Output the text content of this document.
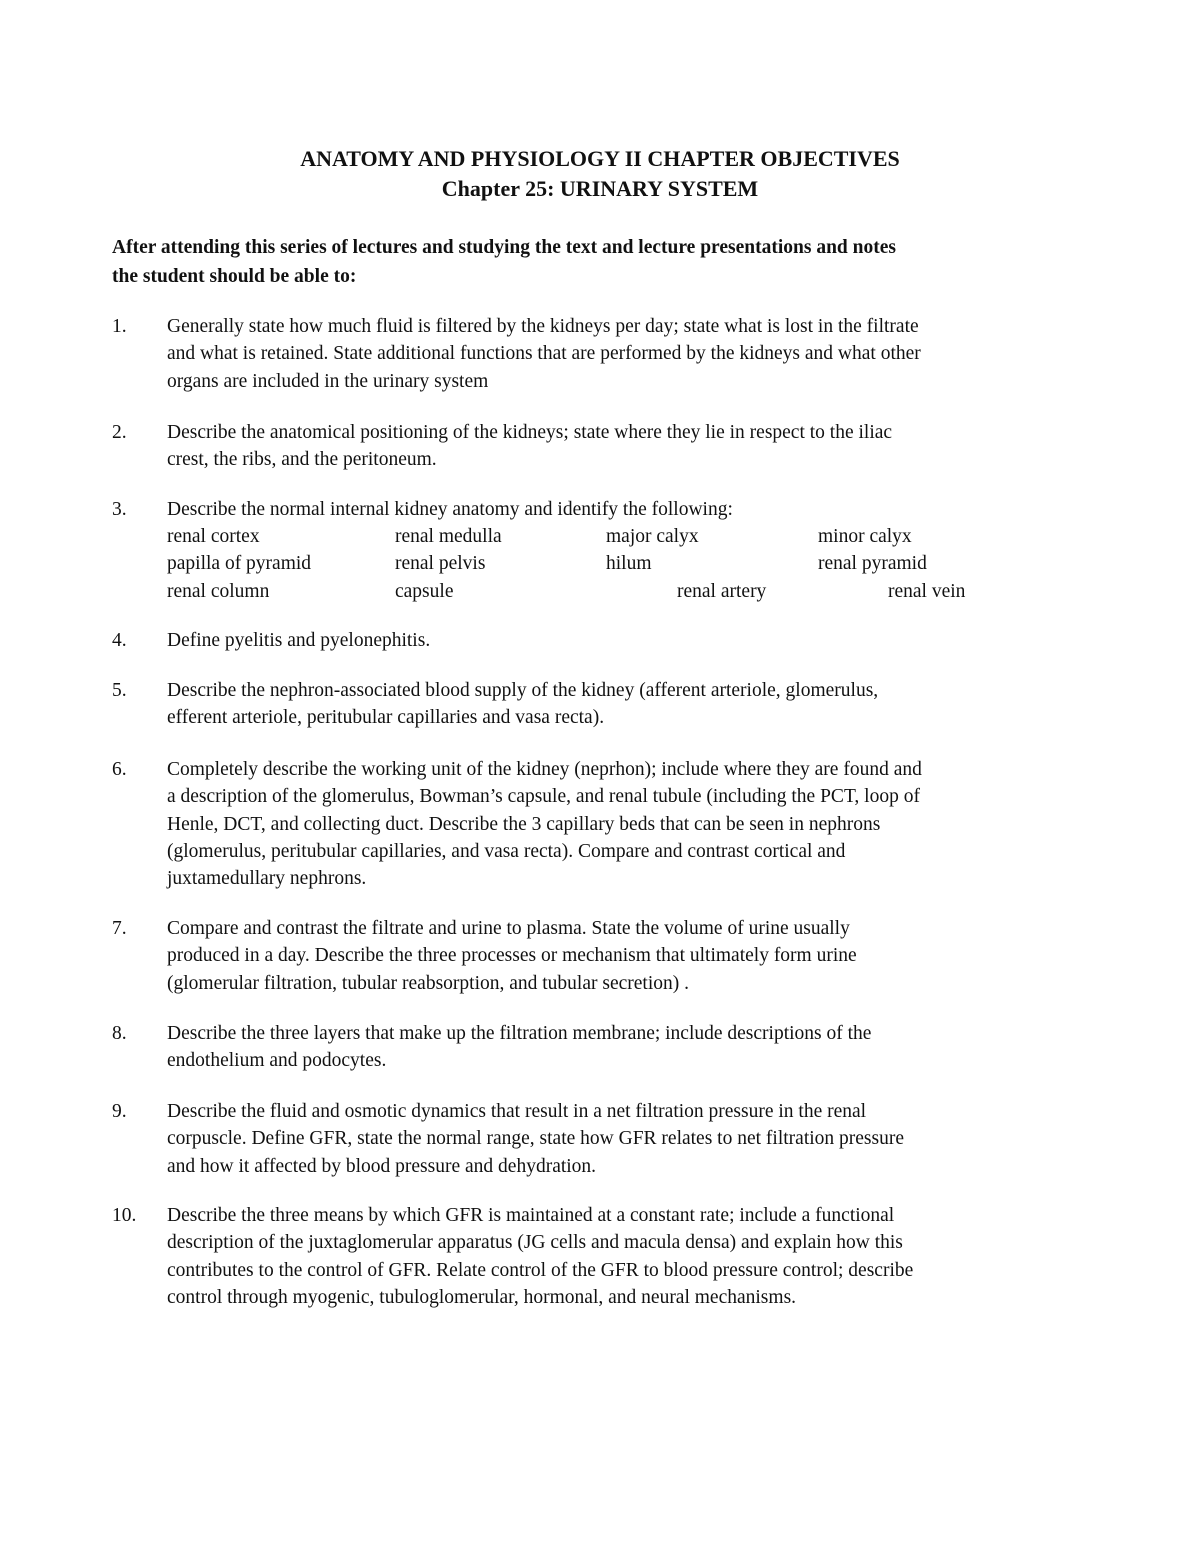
ANATOMY AND PHYSIOLOGY II CHAPTER OBJECTIVES
Chapter 25: URINARY SYSTEM

After attending this series of lectures and studying the text and lecture presentations and notes
the student should be able to:

1.	Generally state how much fluid is filtered by the kidneys per day; state what is lost in the filtrate
and what is retained. State additional functions that are performed by the kidneys and what other
organs are included in the urinary system
2.	Describe the anatomical positioning of the kidneys; state where they lie in respect to the iliac
crest, the ribs, and the peritoneum.
3.	Describe the normal internal kidney anatomy and identify the following:
renal cortex	renal medulla	major calyx	minor calyx
papilla of pyramid	renal pelvis	hilum	renal pyramid
renal column	capsule	renal artery	renal vein
4.	Define pyelitis and pyelonephitis.
5.	Describe the nephron-associated blood supply of the kidney (afferent arteriole, glomerulus,
efferent arteriole, peritubular capillaries and vasa recta).
6.	Completely describe the working unit of the kidney (neprhon); include where they are found and
a description of the glomerulus, Bowman’s capsule, and renal tubule (including the PCT, loop of
Henle, DCT, and collecting duct. Describe the 3 capillary beds that can be seen in nephrons
(glomerulus, peritubular capillaries, and vasa recta). Compare and contrast cortical and
juxtamedullary nephrons.
7.	Compare and contrast the filtrate and urine to plasma. State the volume of urine usually
produced in a day. Describe the three processes or mechanism that ultimately form urine
(glomerular filtration, tubular reabsorption, and tubular secretion) .
8.	Describe the three layers that make up the filtration membrane; include descriptions of the
endothelium and podocytes.
9.	Describe the fluid and osmotic dynamics that result in a net filtration pressure in the renal
corpuscle. Define GFR, state the normal range, state how GFR relates to net filtration pressure
and how it affected by blood pressure and dehydration.
10.	Describe the three means by which GFR is maintained at a constant rate; include a functional
description of the juxtaglomerular apparatus (JG cells and macula densa) and explain how this
contributes to the control of GFR. Relate control of the GFR to blood pressure control; describe
control through myogenic, tubuloglomerular, hormonal, and neural mechanisms.
